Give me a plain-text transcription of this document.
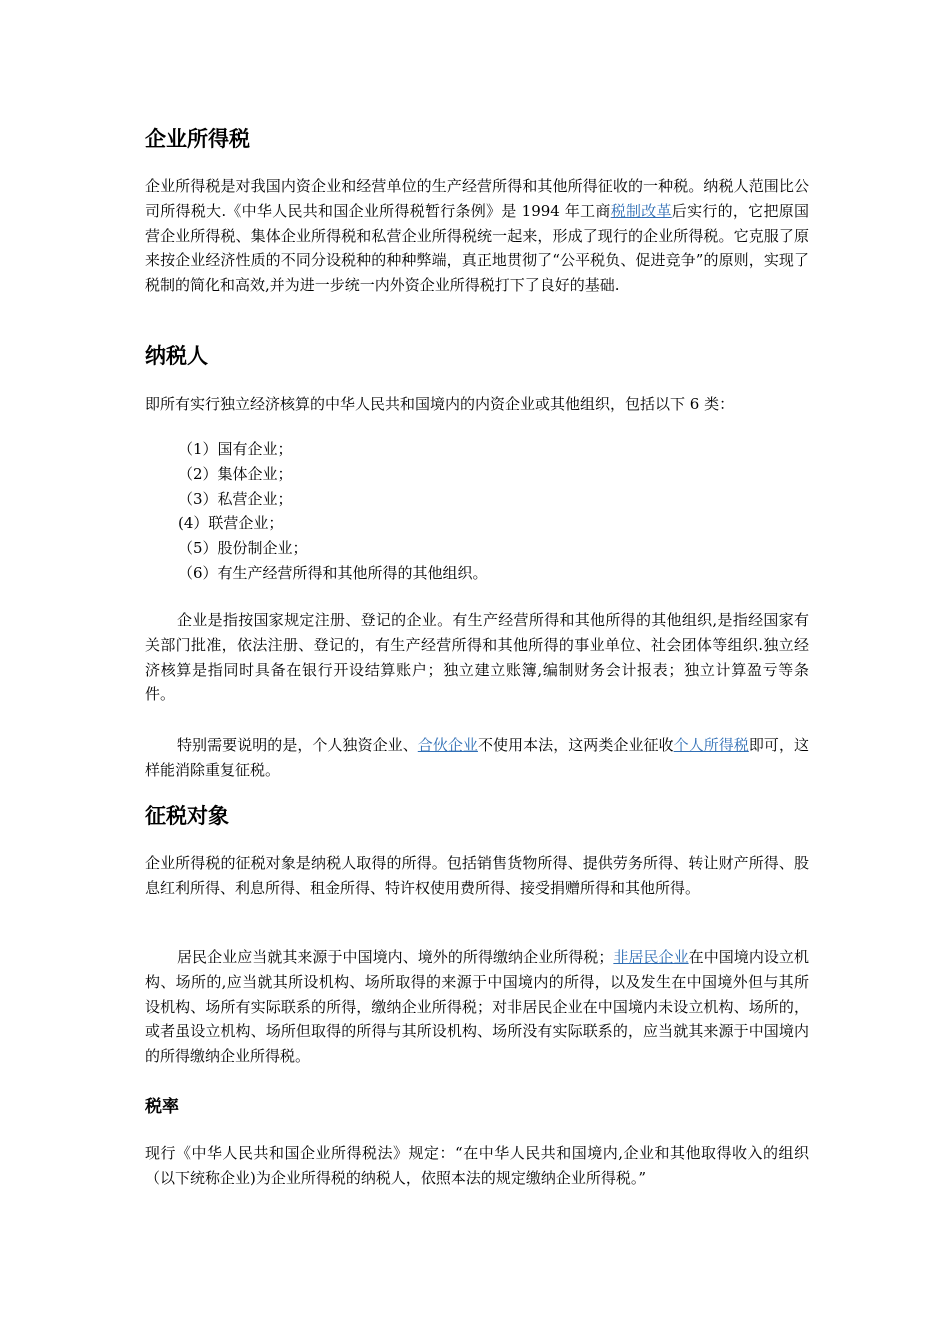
企业所得税

企业所得税是对我国内资企业和经营单位的生产经营所得和其他所得征收的一种税。纳税人范围比公司所得税大.《中华人民共和国企业所得税暂行条例》是 1994 年工商税制改革后实行的，它把原国营企业所得税、集体企业所得税和私营企业所得税统一起来，形成了现行的企业所得税。它克服了原来按企业经济性质的不同分设税种的种种弊端，真正地贯彻了“公平税负、促进竞争”的原则，实现了税制的简化和高效,并为进一步统一内外资企业所得税打下了良好的基础.

纳税人

即所有实行独立经济核算的中华人民共和国境内的内资企业或其他组织，包括以下 6 类：

（1）国有企业；
（2）集体企业；
（3）私营企业；
(4）联营企业；
（5）股份制企业；
（6）有生产经营所得和其他所得的其他组织。

企业是指按国家规定注册、登记的企业。有生产经营所得和其他所得的其他组织,是指经国家有关部门批准，依法注册、登记的，有生产经营所得和其他所得的事业单位、社会团体等组织.独立经济核算是指同时具备在银行开设结算账户；独立建立账簿,编制财务会计报表；独立计算盈亏等条件。

特别需要说明的是，个人独资企业、合伙企业不使用本法，这两类企业征收个人所得税即可，这样能消除重复征税。

征税对象

企业所得税的征税对象是纳税人取得的所得。包括销售货物所得、提供劳务所得、转让财产所得、股息红利所得、利息所得、租金所得、特许权使用费所得、接受捐赠所得和其他所得。

居民企业应当就其来源于中国境内、境外的所得缴纳企业所得税；非居民企业在中国境内设立机构、场所的,应当就其所设机构、场所取得的来源于中国境内的所得，以及发生在中国境外但与其所设机构、场所有实际联系的所得，缴纳企业所得税；对非居民企业在中国境内未设立机构、场所的，或者虽设立机构、场所但取得的所得与其所设机构、场所没有实际联系的，应当就其来源于中国境内的所得缴纳企业所得税。

税率

现行《中华人民共和国企业所得税法》规定：“在中华人民共和国境内,企业和其他取得收入的组织（以下统称企业)为企业所得税的纳税人，依照本法的规定缴纳企业所得税。”
